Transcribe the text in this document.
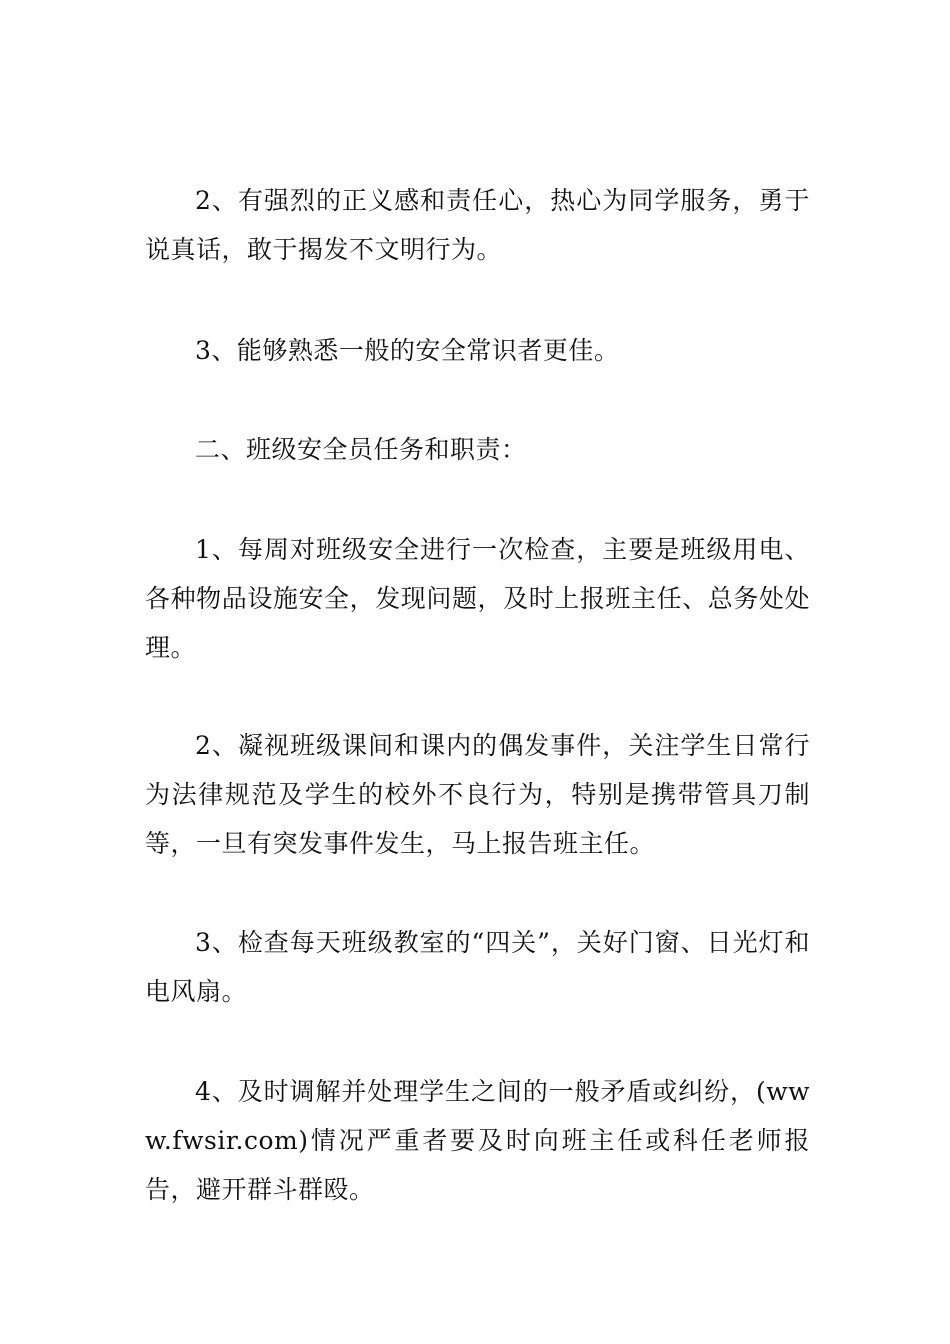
2、有强烈的正义感和责任心，热心为同学服务，勇于说真话，敢于揭发不文明行为。

3、能够熟悉一般的安全常识者更佳。

二、班级安全员任务和职责：

1、每周对班级安全进行一次检查，主要是班级用电、各种物品设施安全，发现问题，及时上报班主任、总务处处理。

2、凝视班级课间和课内的偶发事件，关注学生日常行为法律规范及学生的校外不良行为，特别是携带管具刀制等，一旦有突发事件发生，马上报告班主任。

3、检查每天班级教室的“四关”，关好门窗、日光灯和电风扇。

4、及时调解并处理学生之间的一般矛盾或纠纷，(www.fwsir.com)情况严重者要及时向班主任或科任老师报告，避开群斗群殴。
